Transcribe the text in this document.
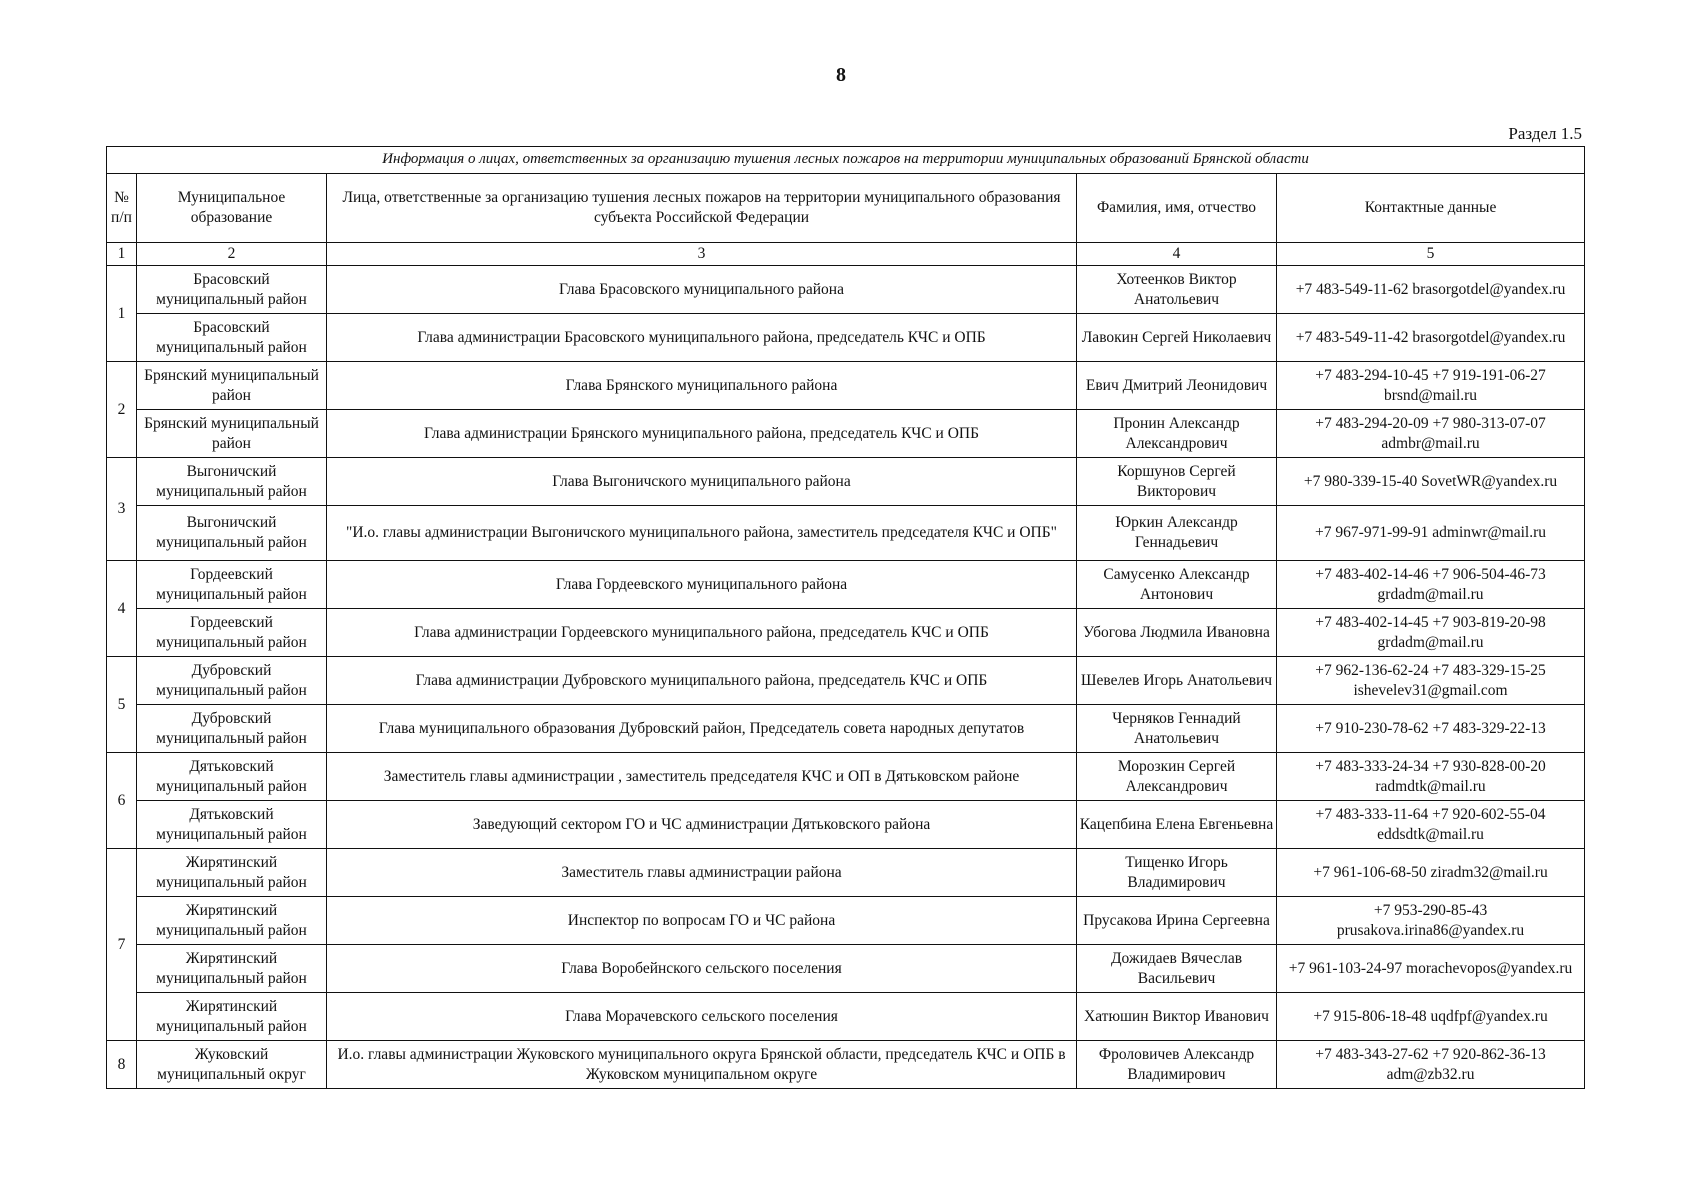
8
Раздел 1.5
Информация о лицах, ответственных за организацию тушения лесных пожаров на территории муниципальных образований Брянской области				
№ п/п	Муниципальное образование	Лица, ответственные за организацию тушения лесных пожаров на территории муниципального образования субъекта Российской Федерации	Фамилия, имя, отчество	Контактные данные
1	2	3	4	5
1	Брасовский муниципальный район	Глава Брасовского муниципального района	Хотеенков Виктор Анатольевич	+7 483-549-11-62 brasorgotdel@yandex.ru
	Брасовский муниципальный район	Глава администрации Брасовского муниципального района, председатель КЧС и ОПБ	Лавокин Сергей Николаевич	+7 483-549-11-42 brasorgotdel@yandex.ru
2	Брянский муниципальный район	Глава Брянского муниципального района	Евич Дмитрий Леонидович	+7 483-294-10-45 +7 919-191-06-27 brsnd@mail.ru
	Брянский муниципальный район	Глава администрации Брянского муниципального района, председатель КЧС и ОПБ	Пронин Александр Александрович	+7 483-294-20-09 +7 980-313-07-07 admbr@mail.ru
3	Выгоничский муниципальный район	Глава Выгоничского муниципального района	Коршунов Сергей Викторович	+7 980-339-15-40 SovetWR@yandex.ru
	Выгоничский муниципальный район	"И.о. главы администрации Выгоничского муниципального района, заместитель председателя КЧС и ОПБ"	Юркин Александр Геннадьевич	+7 967-971-99-91 adminwr@mail.ru
4	Гордеевский муниципальный район	Глава Гордеевского муниципального района	Самусенко Александр Антонович	+7 483-402-14-46 +7 906-504-46-73 grdadm@mail.ru
	Гордеевский муниципальный район	Глава администрации Гордеевского муниципального района, председатель КЧС и ОПБ	Убогова Людмила Ивановна	+7 483-402-14-45 +7 903-819-20-98 grdadm@mail.ru
5	Дубровский муниципальный район	Глава администрации Дубровского муниципального района, председатель КЧС и ОПБ	Шевелев Игорь Анатольевич	+7 962-136-62-24 +7 483-329-15-25 ishevelev31@gmail.com
	Дубровский муниципальный район	Глава муниципального образования Дубровский район, Председатель совета народных депутатов	Черняков Геннадий Анатольевич	+7 910-230-78-62 +7 483-329-22-13
6	Дятьковский муниципальный район	Заместитель главы администрации , заместитель председателя КЧС и ОП в Дятьковском районе	Морозкин Сергей Александрович	+7 483-333-24-34 +7 930-828-00-20 radmdtk@mail.ru
	Дятьковский муниципальный район	Заведующий сектором ГО и ЧС администрации Дятьковского района	Кацепбина Елена Евгеньевна	+7 483-333-11-64 +7 920-602-55-04 eddsdtk@mail.ru
7	Жирятинский муниципальный район	Заместитель главы администрации района	Тищенко Игорь Владимирович	+7 961-106-68-50 ziradm32@mail.ru
	Жирятинский муниципальный район	Инспектор по вопросам ГО и ЧС района	Прусакова Ирина Сергеевна	+7 953-290-85-43 prusakova.irina86@yandex.ru
	Жирятинский муниципальный район	Глава Воробейнского сельского поселения	Дожидаев Вячеслав Васильевич	+7 961-103-24-97 morachevopos@yandex.ru
	Жирятинский муниципальный район	Глава Морачевского сельского поселения	Хатюшин Виктор Иванович	+7 915-806-18-48 uqdfpf@yandex.ru
8	Жуковский муниципальный округ	И.о. главы администрации Жуковского муниципального округа Брянской области, председатель КЧС и ОПБ в Жуковском муниципальном округе	Фроловичев Александр Владимирович	+7 483-343-27-62 +7 920-862-36-13 adm@zb32.ru
